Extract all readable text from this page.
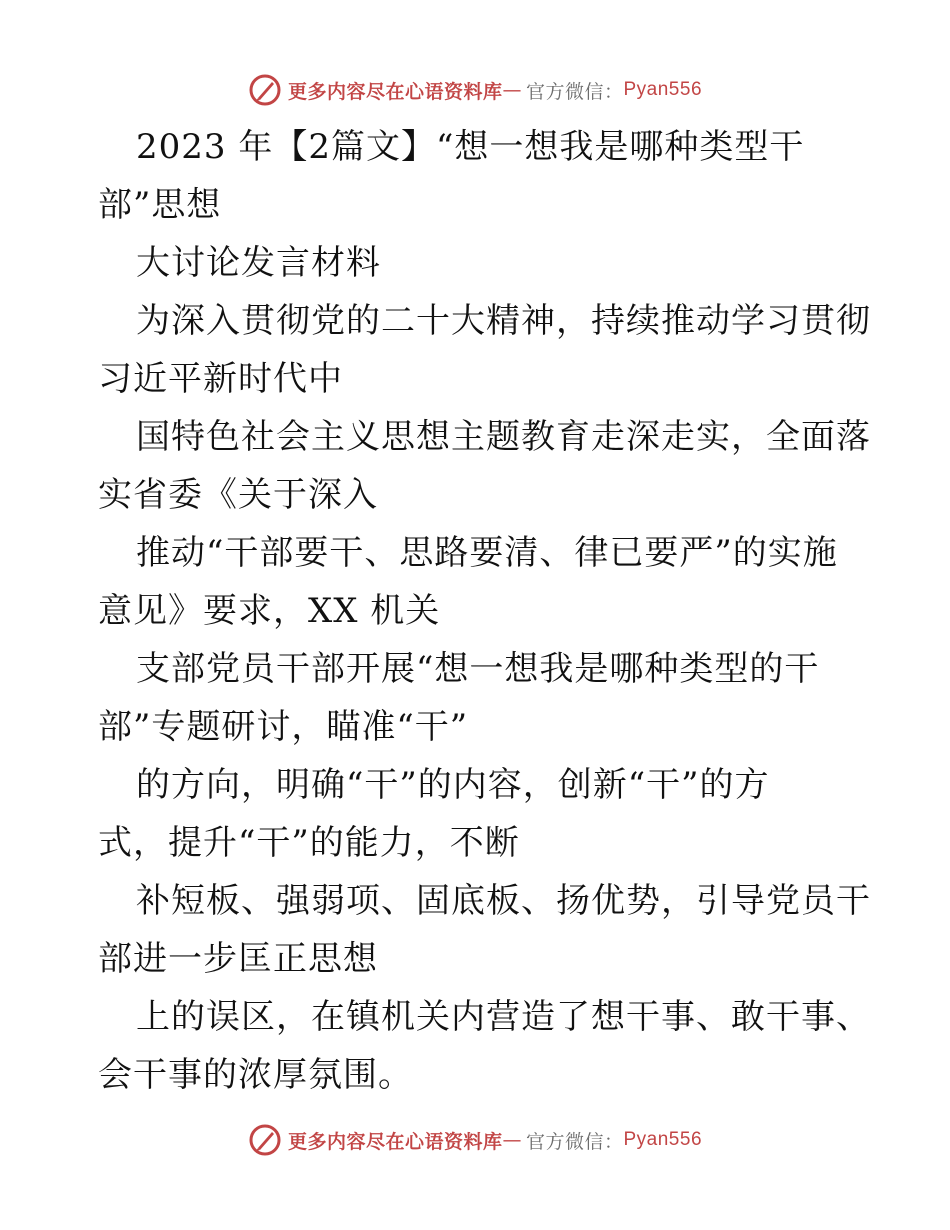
更多内容尽在心语资料库 — 官方微信： Pyan556
2023 年【2篇文】“想一想我是哪种类型干
部”思想
大讨论发言材料
为深入贯彻党的二十大精神，持续推动学习贯彻
习近平新时代中
国特色社会主义思想主题教育走深走实，全面落
实省委《关于深入
推动“干部要干、思路要清、律已要严”的实施
意见》要求，XX 机关
支部党员干部开展“想一想我是哪种类型的干
部”专题研讨，瞄准“干”
的方向，明确“干”的内容，创新“干”的方
式，提升“干”的能力，不断
补短板、强弱项、固底板、扬优势，引导党员干
部进一步匡正思想
上的误区，在镇机关内营造了想干事、敢干事、
会干事的浓厚氛围。
更多内容尽在心语资料库 — 官方微信： Pyan556
